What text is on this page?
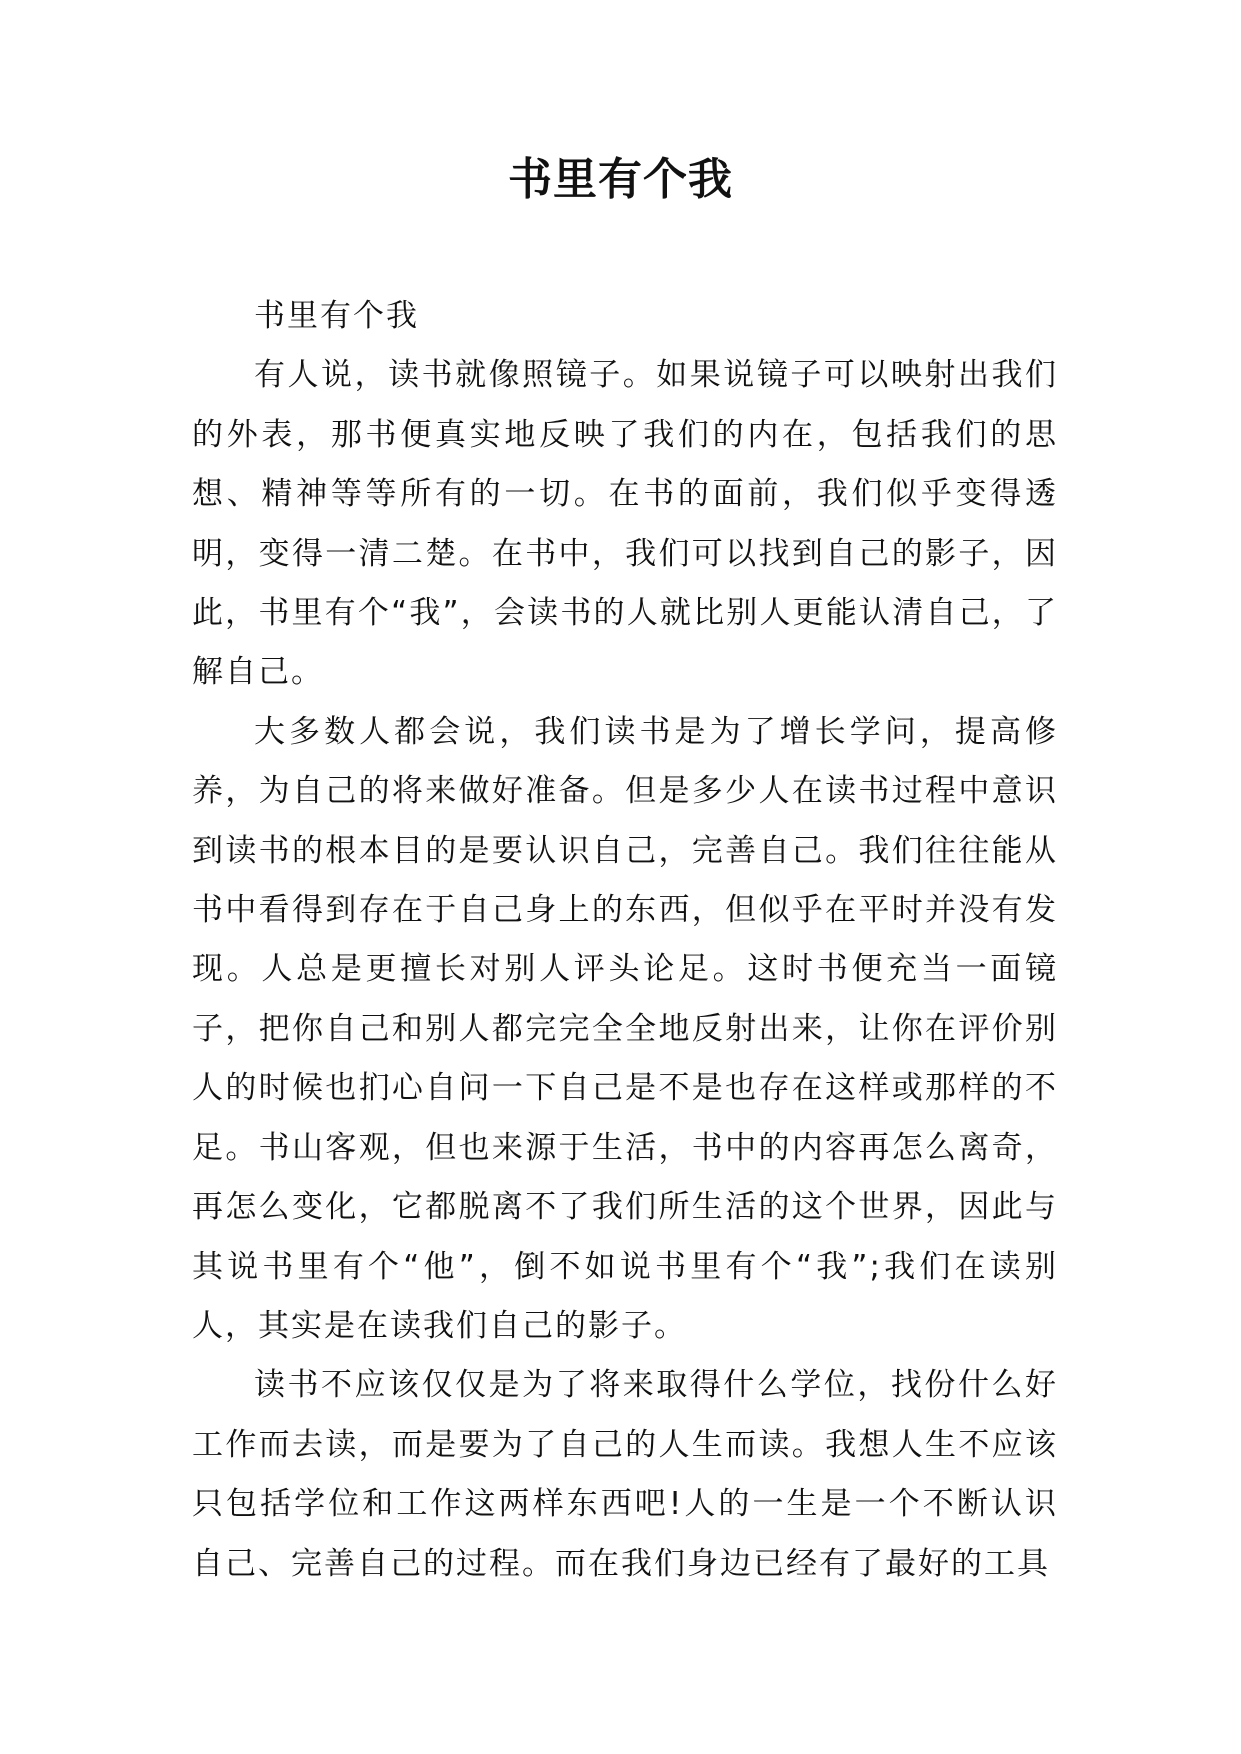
书里有个我

书里有个我

有人说，读书就像照镜子。如果说镜子可以映射出我们的外表，那书便真实地反映了我们的内在，包括我们的思想、精神等等所有的一切。在书的面前，我们似乎变得透明，变得一清二楚。在书中，我们可以找到自己的影子，因此，书里有个“我”，会读书的人就比别人更能认清自己，了解自己。

大多数人都会说，我们读书是为了增长学问，提高修养，为自己的将来做好准备。但是多少人在读书过程中意识到读书的根本目的是要认识自己，完善自己。我们往往能从书中看得到存在于自己身上的东西，但似乎在平时并没有发现。人总是更擅长对别人评头论足。这时书便充当一面镜子，把你自己和别人都完完全全地反射出来，让你在评价别人的时候也扪心自问一下自己是不是也存在这样或那样的不足。书山客观，但也来源于生活，书中的内容再怎么离奇，再怎么变化，它都脱离不了我们所生活的这个世界，因此与其说书里有个“他”，倒不如说书里有个“我”;我们在读别人，其实是在读我们自己的影子。

读书不应该仅仅是为了将来取得什么学位，找份什么好工作而去读，而是要为了自己的人生而读。我想人生不应该只包括学位和工作这两样东西吧!人的一生是一个不断认识自己、完善自己的过程。而在我们身边已经有了最好的工具
